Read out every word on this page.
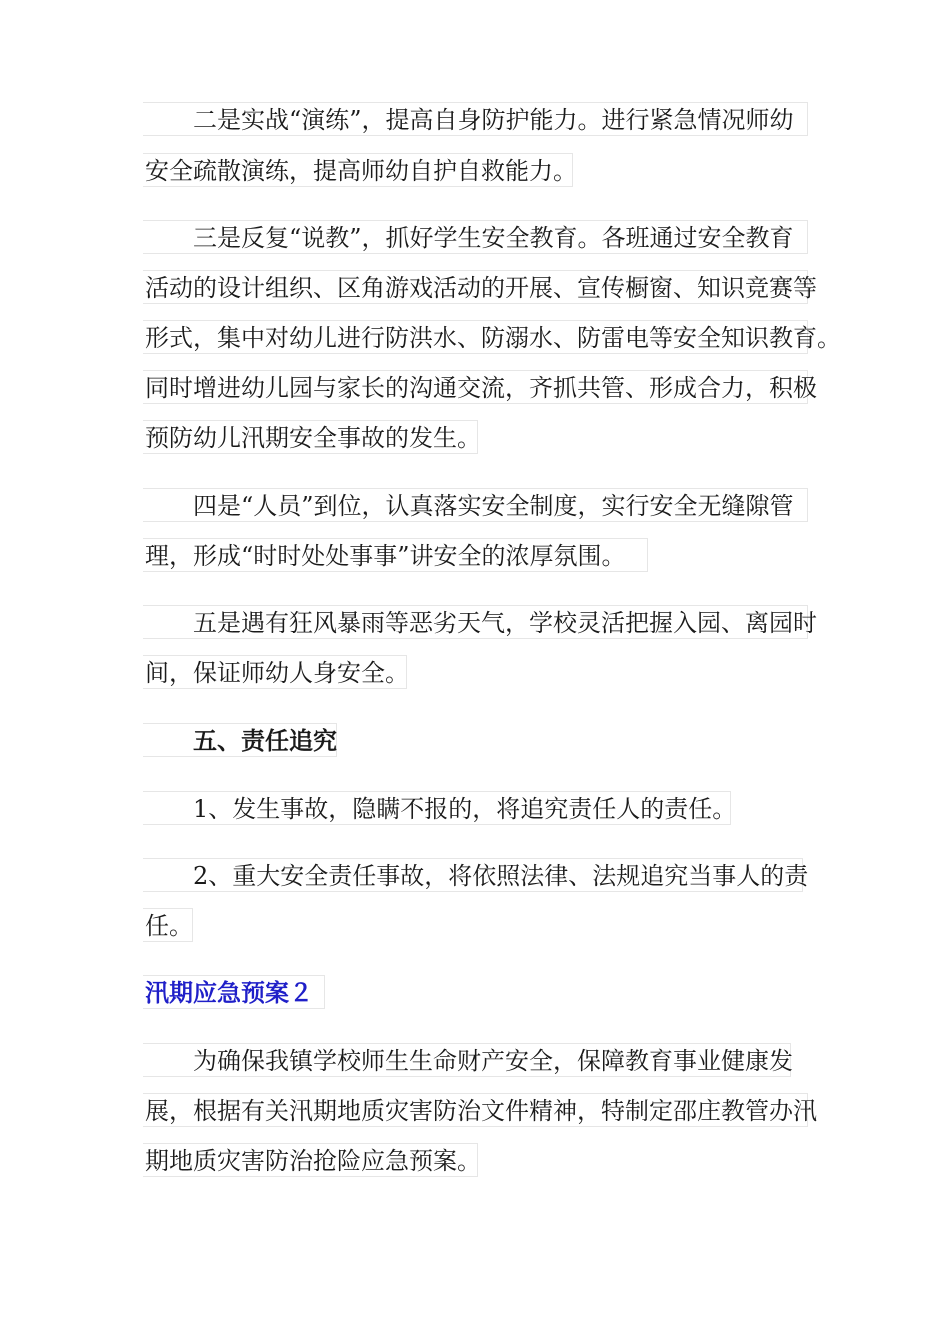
二是实战“演练”，提高自身防护能力。进行紧急情况师幼
安全疏散演练，提高师幼自护自救能力。
三是反复“说教”，抓好学生安全教育。各班通过安全教育
活动的设计组织、区角游戏活动的开展、宣传橱窗、知识竞赛等
形式，集中对幼儿进行防洪水、防溺水、防雷电等安全知识教育。
同时增进幼儿园与家长的沟通交流，齐抓共管、形成合力，积极
预防幼儿汛期安全事故的发生。
四是“人员”到位，认真落实安全制度，实行安全无缝隙管
理，形成“时时处处事事”讲安全的浓厚氛围。
五是遇有狂风暴雨等恶劣天气，学校灵活把握入园、离园时
间，保证师幼人身安全。
五、责任追究
1、发生事故，隐瞒不报的，将追究责任人的责任。
2、重大安全责任事故，将依照法律、法规追究当事人的责
任。
汛期应急预案２
为确保我镇学校师生生命财产安全，保障教育事业健康发
展，根据有关汛期地质灾害防治文件精神，特制定邵庄教管办汛
期地质灾害防治抢险应急预案。
